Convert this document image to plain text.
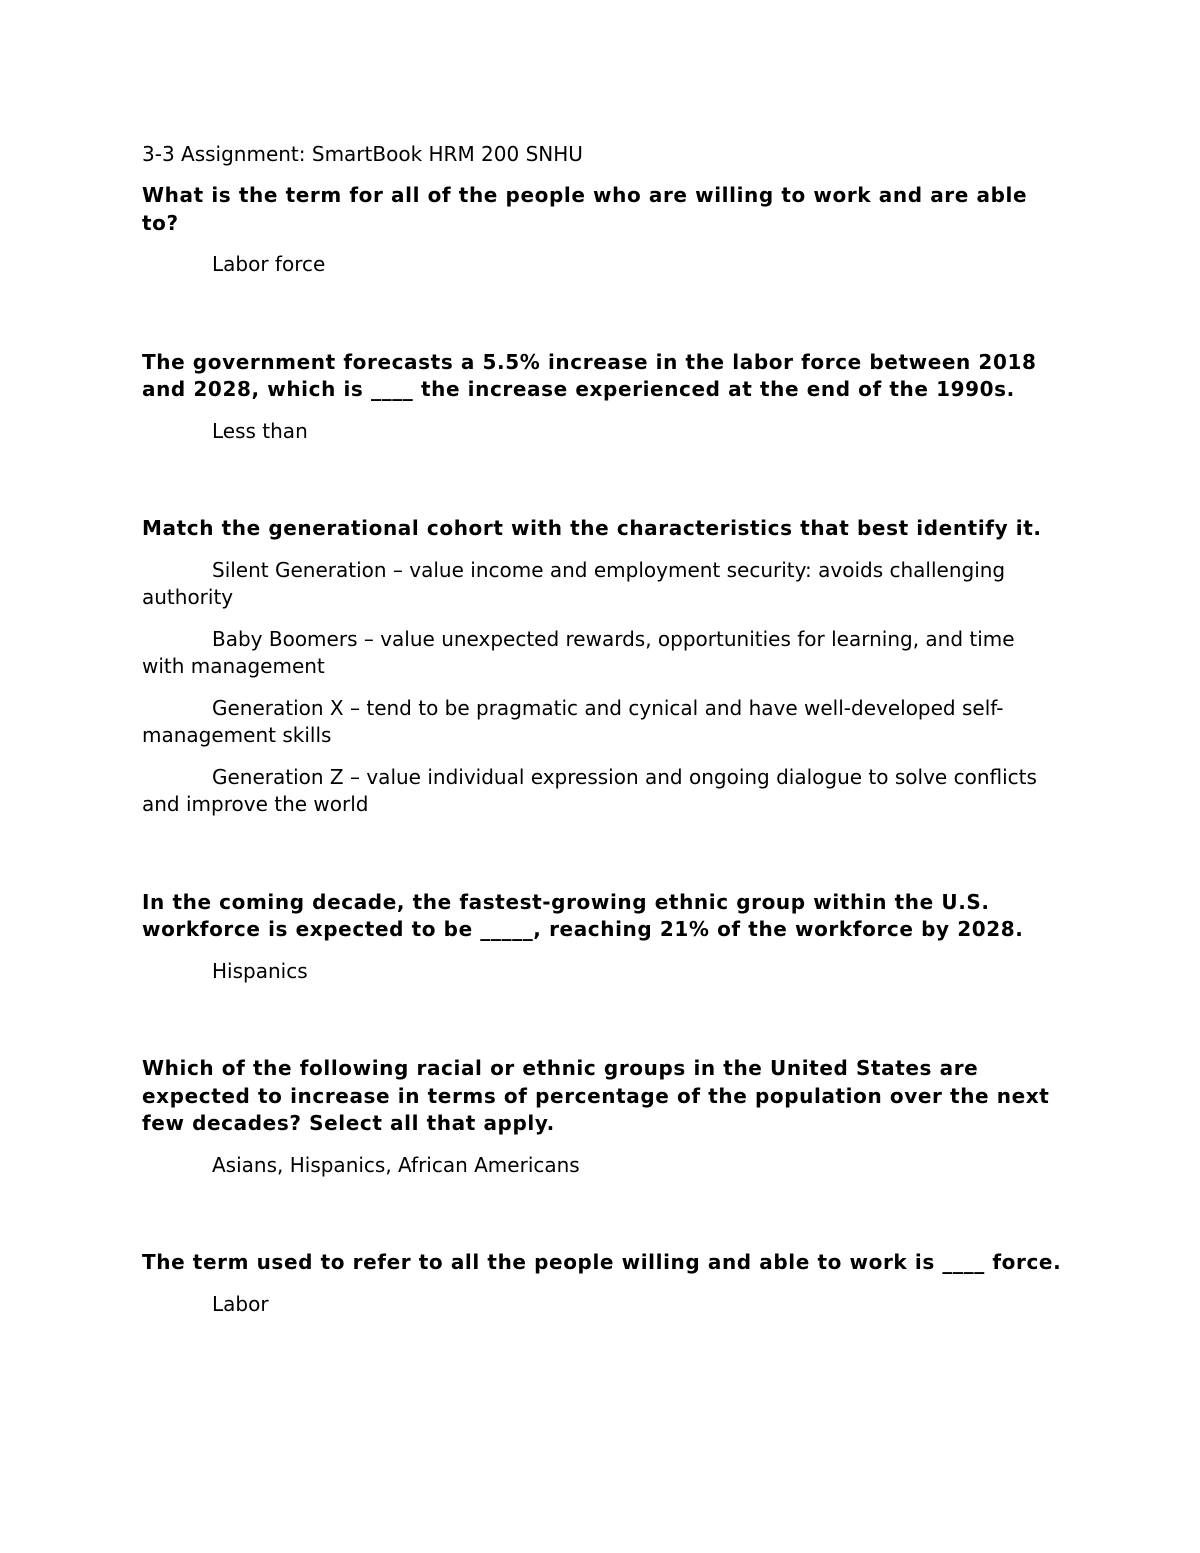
3-3 Assignment: SmartBook HRM 200 SNHU

What is the term for all of the people who are willing to work and are able to?

Labor force

The government forecasts a 5.5% increase in the labor force between 2018 and 2028, which is ____ the increase experienced at the end of the 1990s.

Less than

Match the generational cohort with the characteristics that best identify it.

Silent Generation – value income and employment security: avoids challenging authority

Baby Boomers – value unexpected rewards, opportunities for learning, and time with management

Generation X – tend to be pragmatic and cynical and have well-developed self-management skills

Generation Z – value individual expression and ongoing dialogue to solve conflicts and improve the world

In the coming decade, the fastest-growing ethnic group within the U.S. workforce is expected to be _____, reaching 21% of the workforce by 2028.

Hispanics

Which of the following racial or ethnic groups in the United States are expected to increase in terms of percentage of the population over the next few decades? Select all that apply.

Asians, Hispanics, African Americans

The term used to refer to all the people willing and able to work is ____ force.

Labor
